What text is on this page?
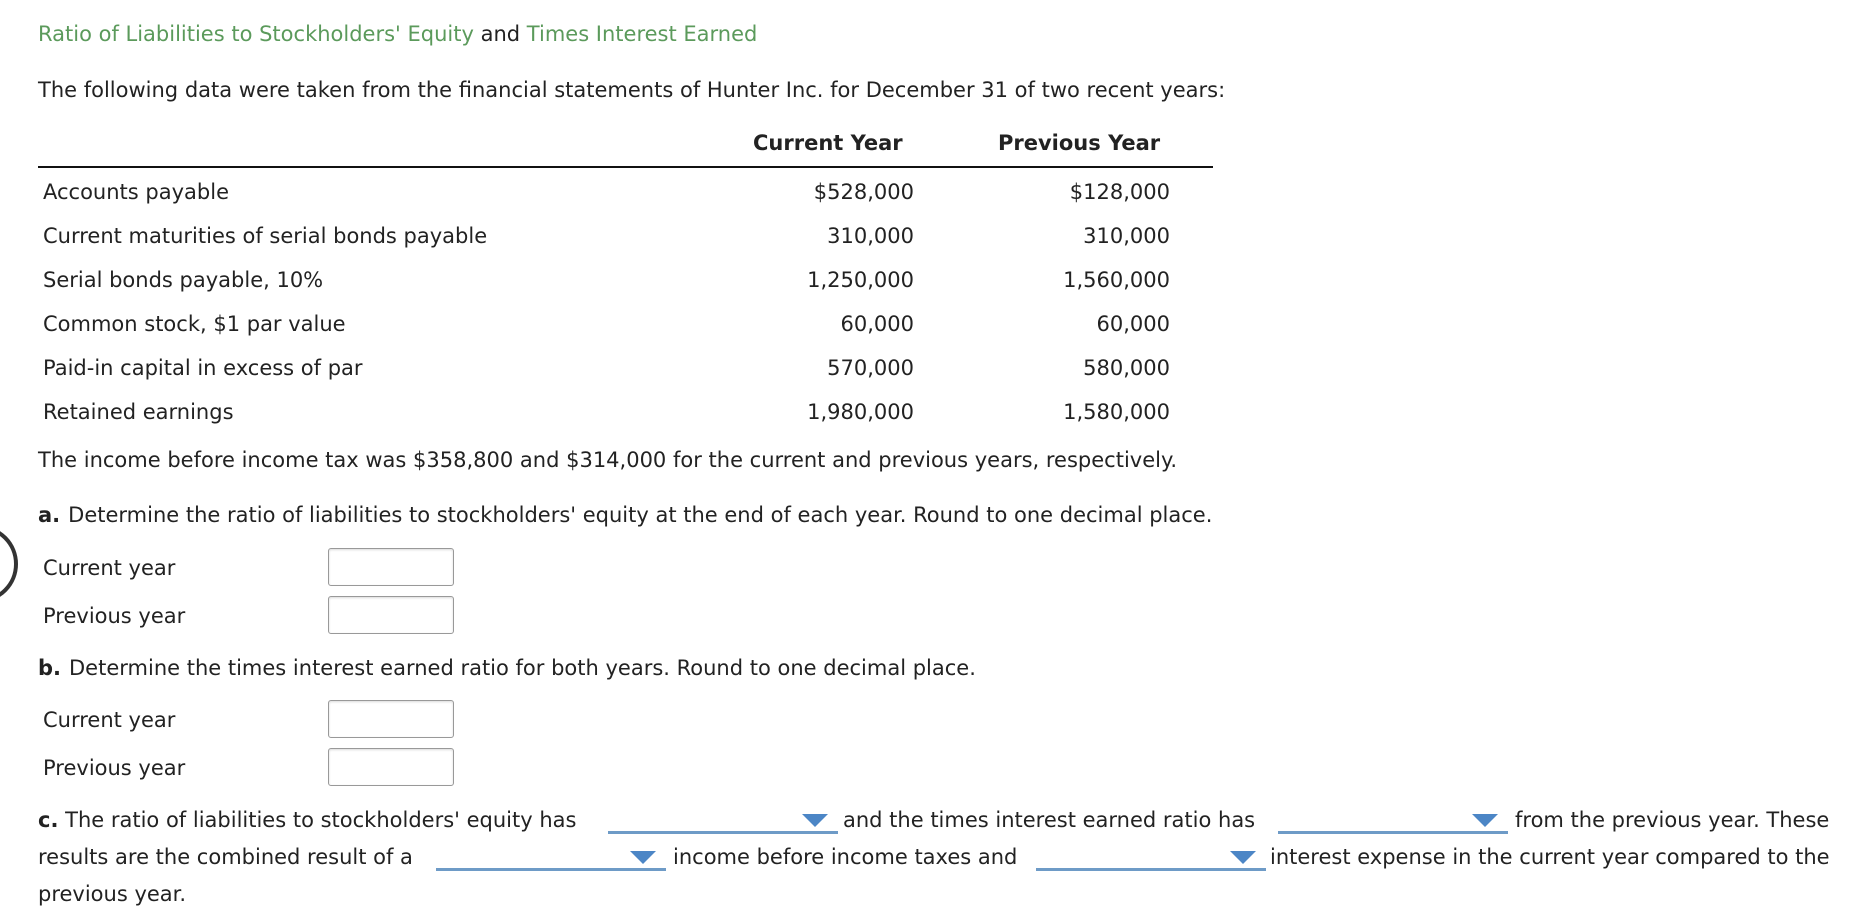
Ratio of Liabilities to Stockholders' Equity and Times Interest Earned
The following data were taken from the financial statements of Hunter Inc. for December 31 of two recent years:
Current Year	Previous Year
Accounts payable	$528,000	$128,000
Current maturities of serial bonds payable	310,000	310,000
Serial bonds payable, 10%	1,250,000	1,560,000
Common stock, $1 par value	60,000	60,000
Paid-in capital in excess of par	570,000	580,000
Retained earnings	1,980,000	1,580,000
The income before income tax was $358,800 and $314,000 for the current and previous years, respectively.
a. Determine the ratio of liabilities to stockholders' equity at the end of each year. Round to one decimal place.
Current year
Previous year
b. Determine the times interest earned ratio for both years. Round to one decimal place.
Current year
Previous year
c. The ratio of liabilities to stockholders' equity has	and the times interest earned ratio has	from the previous year. These
results are the combined result of a	income before income taxes and	interest expense in the current year compared to the
previous year.
